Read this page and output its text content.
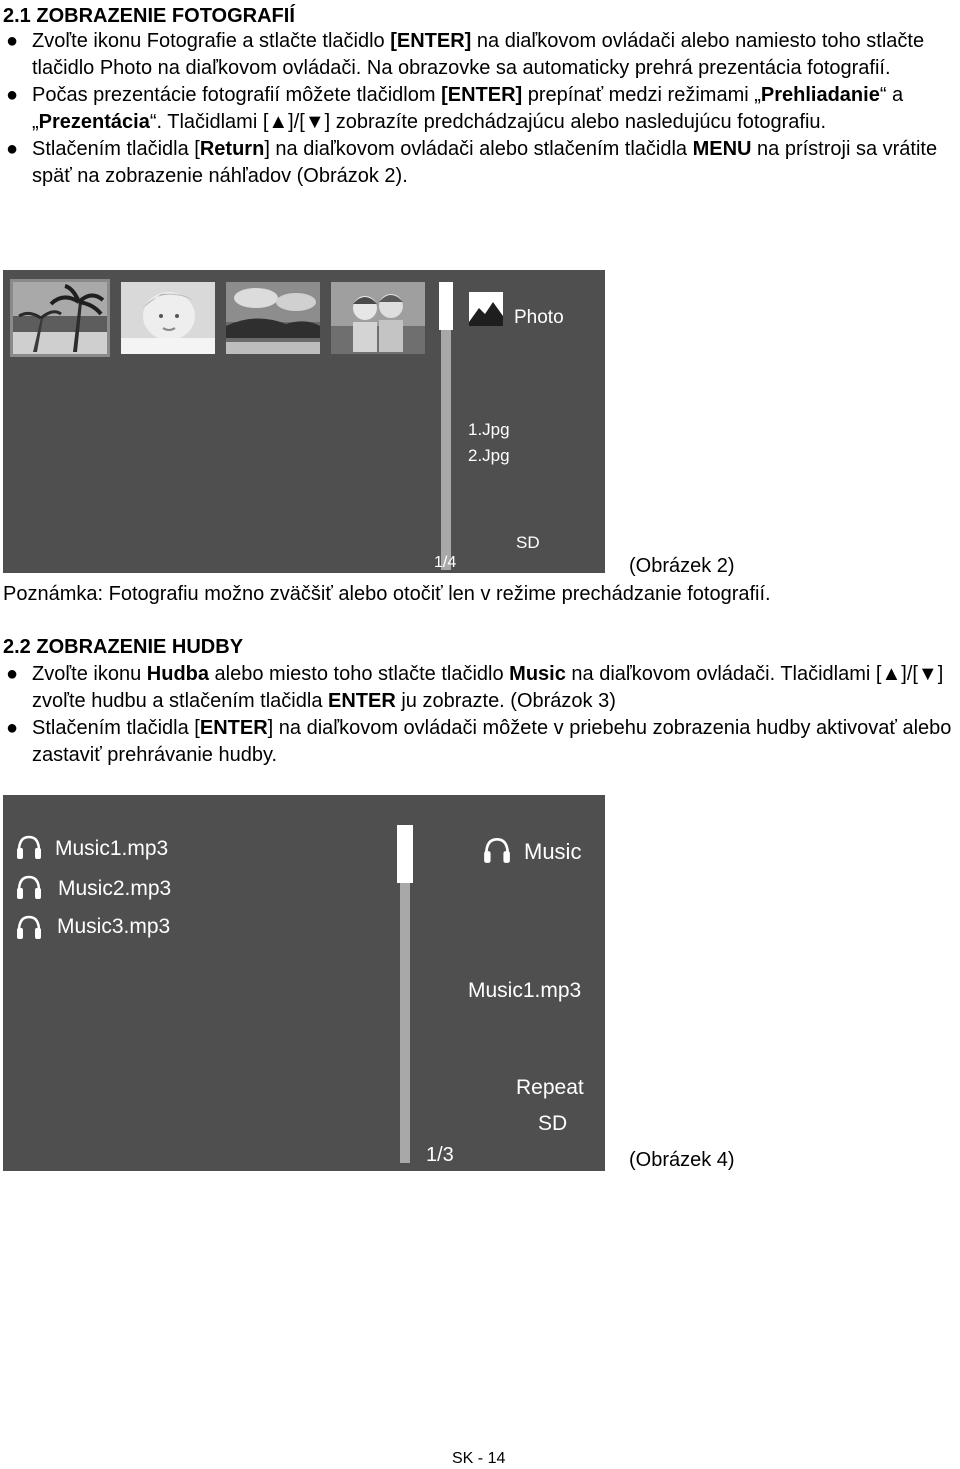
2.1 ZOBRAZENIE FOTOGRAFIÍ

● Zvoľte ikonu Fotografie a stlačte tlačidlo [ENTER] na diaľkovom ovládači alebo namiesto toho stlačte tlačidlo Photo na diaľkovom ovládači. Na obrazovke sa automaticky prehrá prezentácia fotografií.

● Počas prezentácie fotografií môžete tlačidlom [ENTER] prepínať medzi režimami „Prehliadanie“ a „Prezentácia“. Tlačidlami [▲]/[▼] zobrazíte predchádzajúcu alebo nasledujúcu fotografiu.

● Stlačením tlačidla [Return] na diaľkovom ovládači alebo stlačením tlačidla MENU na prístroji sa vrátite späť na zobrazenie náhľadov (Obrázok 2).

Photo
1.Jpg
2.Jpg
SD
1/4	(Obrázek 2)

Poznámka: Fotografiu možno zväčšiť alebo otočiť len v režime prechádzanie fotografií.

2.2 ZOBRAZENIE HUDBY

● Zvoľte ikonu Hudba alebo miesto toho stlačte tlačidlo Music na diaľkovom ovládači. Tlačidlami [▲]/[▼] zvoľte hudbu a stlačením tlačidla ENTER ju zobrazte. (Obrázok 3)

● Stlačením tlačidla [ENTER] na diaľkovom ovládači môžete v priebehu zobrazenia hudby aktivovať alebo zastaviť prehrávanie hudby.

Music1.mp3
Music2.mp3
Music3.mp3
Music
Music1.mp3
Repeat
SD
1/3	(Obrázek 4)
SK - 14
